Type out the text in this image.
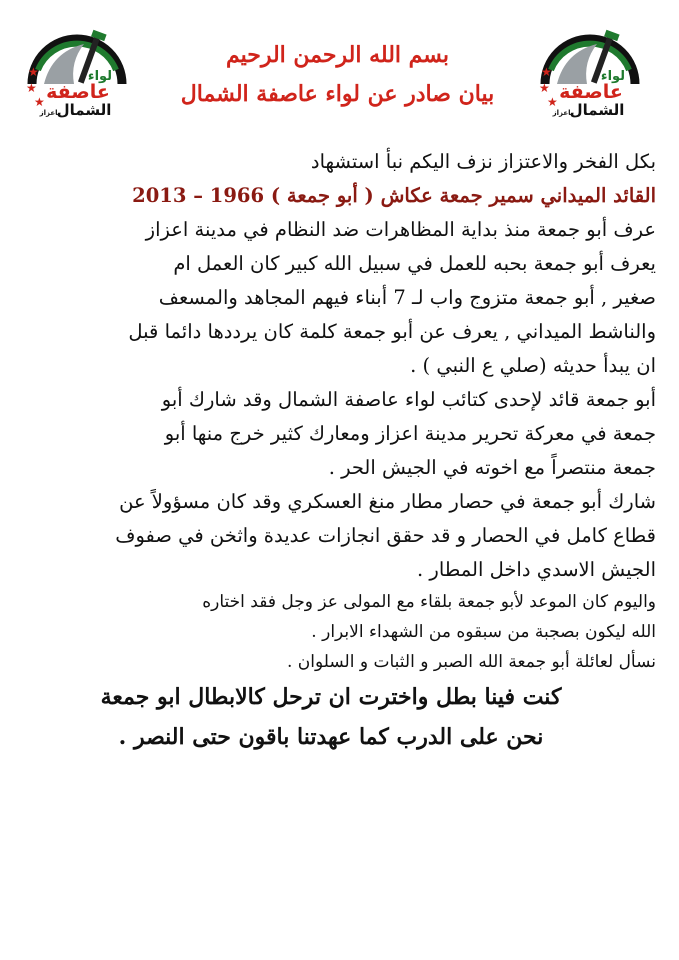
★
★
★
لواء
عاصفة
الشمال
باعزاز
★
★
★
لواء
عاصفة
الشمال
باعزاز
بسم الله الرحمن الرحيم
بيان صادر عن لواء عاصفة الشمال
بكل الفخر والاعتزاز نزف اليكم نبأ استشهاد
القائد الميداني سمير جمعة عكاش ( أبو جمعة ) 1966 – 2013
عرف أبو جمعة منذ بداية المظاهرات ضد النظام في مدينة اعزاز
يعرف أبو جمعة بحبه للعمل في سبيل الله كبير كان العمل ام
صغير , أبو جمعة متزوج واب لـ 7 أبناء فيهم المجاهد والمسعف
والناشط الميداني , يعرف عن أبو جمعة كلمة كان يرددها دائما قبل
ان يبدأ حديثه (صلي ع النبي ) .
أبو جمعة قائد لإحدى كتائب لواء عاصفة الشمال وقد شارك أبو
جمعة في معركة تحرير مدينة اعزاز ومعارك كثير خرج منها أبو
جمعة منتصراً مع اخوته في الجيش الحر .
شارك أبو جمعة في حصار مطار منغ العسكري وقد كان مسؤولاً عن
قطاع كامل في الحصار و قد حقق انجازات عديدة واثخن في صفوف
الجيش الاسدي داخل المطار .
واليوم كان الموعد لأبو جمعة بلقاء مع المولى عز وجل فقد اختاره
الله ليكون بصجبة من سبقوه من الشهداء الابرار .
نسأل لعائلة أبو جمعة الله الصبر و الثبات و السلوان .
كنت فينا بطل واخترت ان ترحل كالابطال ابو جمعة
نحن على الدرب كما عهدتنا باقون حتى النصر .
